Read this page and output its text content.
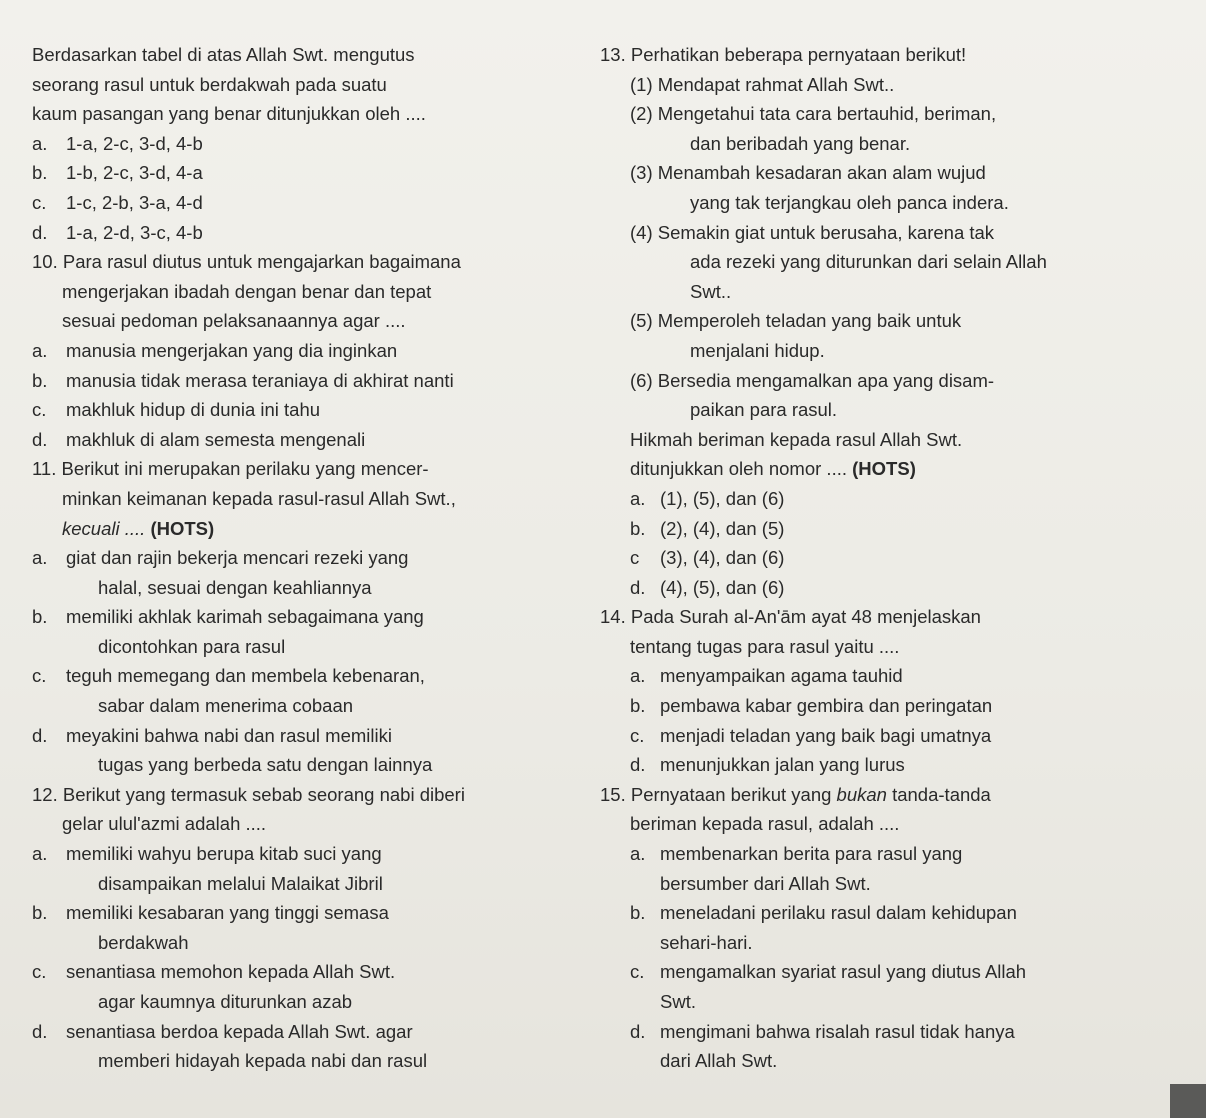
Berdasarkan tabel di atas Allah Swt. mengutus
seorang rasul untuk berdakwah pada suatu
kaum pasangan yang benar ditunjukkan oleh ....
a. 1-a, 2-c, 3-d, 4-b
b. 1-b, 2-c, 3-d, 4-a
c. 1-c, 2-b, 3-a, 4-d
d. 1-a, 2-d, 3-c, 4-b
10. Para rasul diutus untuk mengajarkan bagaimana
mengerjakan ibadah dengan benar dan tepat
sesuai pedoman pelaksanaannya agar ....
a. manusia mengerjakan yang dia inginkan
b. manusia tidak merasa teraniaya di akhirat nanti
c. makhluk hidup di dunia ini tahu
d. makhluk di alam semesta mengenali
11. Berikut ini merupakan perilaku yang mencer-
minkan keimanan kepada rasul-rasul Allah Swt.,
kecuali .... (HOTS)
a. giat dan rajin bekerja mencari rezeki yang
halal, sesuai dengan keahliannya
b. memiliki akhlak karimah sebagaimana yang
dicontohkan para rasul
c. teguh memegang dan membela kebenaran,
sabar dalam menerima cobaan
d. meyakini bahwa nabi dan rasul memiliki
tugas yang berbeda satu dengan lainnya
12. Berikut yang termasuk sebab seorang nabi diberi
gelar ulul'azmi adalah ....
a. memiliki wahyu berupa kitab suci yang
disampaikan melalui Malaikat Jibril
b. memiliki kesabaran yang tinggi semasa
berdakwah
c. senantiasa memohon kepada Allah Swt.
agar kaumnya diturunkan azab
d. senantiasa berdoa kepada Allah Swt. agar
memberi hidayah kepada nabi dan rasul
13. Perhatikan beberapa pernyataan berikut!
(1) Mendapat rahmat Allah Swt..
(2) Mengetahui tata cara bertauhid, beriman,
dan beribadah yang benar.
(3) Menambah kesadaran akan alam wujud
yang tak terjangkau oleh panca indera.
(4) Semakin giat untuk berusaha, karena tak
ada rezeki yang diturunkan dari selain Allah
Swt..
(5) Memperoleh teladan yang baik untuk
menjalani hidup.
(6) Bersedia mengamalkan apa yang disam-
paikan para rasul.
Hikmah beriman kepada rasul Allah Swt.
ditunjukkan oleh nomor .... (HOTS)
a. (1), (5), dan (6)
b. (2), (4), dan (5)
c (3), (4), dan (6)
d. (4), (5), dan (6)
14. Pada Surah al-An'ām ayat 48 menjelaskan
tentang tugas para rasul yaitu ....
a. menyampaikan agama tauhid
b. pembawa kabar gembira dan peringatan
c. menjadi teladan yang baik bagi umatnya
d. menunjukkan jalan yang lurus
15. Pernyataan berikut yang bukan tanda-tanda
beriman kepada rasul, adalah ....
a. membenarkan berita para rasul yang
bersumber dari Allah Swt.
b. meneladani perilaku rasul dalam kehidupan
sehari-hari.
c. mengamalkan syariat rasul yang diutus Allah
Swt.
d. mengimani bahwa risalah rasul tidak hanya
dari Allah Swt.
